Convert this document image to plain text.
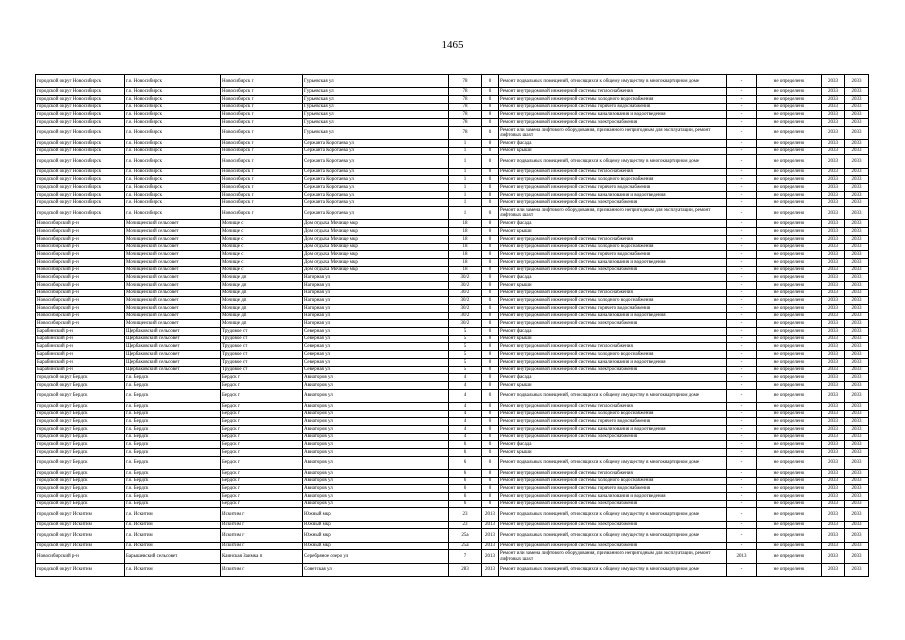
1465
городской округ Новосибирск	г.о. Новосибирск	Новосибирск г	Гурьевская ул	78	0	Ремонт подвальных помещений, относящихся к общему имуществу в многоквартирном доме	-	не определено	2033	2033
городской округ Новосибирск	г.о. Новосибирск	Новосибирск г	Гурьевская ул	78	0	Ремонт внутридомовой инженерной системы теплоснабжения	-	не определено	2033	2033
городской округ Новосибирск	г.о. Новосибирск	Новосибирск г	Гурьевская ул	78	0	Ремонт внутридомовой инженерной системы холодного водоснабжения	-	не определено	2033	2033
городской округ Новосибирск	г.о. Новосибирск	Новосибирск г	Гурьевская ул	78	0	Ремонт внутридомовой инженерной системы горячего водоснабжения	-	не определено	2033	2033
городской округ Новосибирск	г.о. Новосибирск	Новосибирск г	Гурьевская ул	78	0	Ремонт внутридомовой инженерной системы канализования и водоотведения	-	не определено	2033	2033
городской округ Новосибирск	г.о. Новосибирск	Новосибирск г	Гурьевская ул	78	0	Ремонт внутридомовой инженерной системы электроснабжения	-	не определено	2033	2033
городской округ Новосибирск	г.о. Новосибирск	Новосибирск г	Гурьевская ул	78	0	Ремонт или замена лифтового оборудования, признанного непригодным для эксплуатации, ремонт лифтовых шахт	-	не определено	2033	2033
городской округ Новосибирск	г.о. Новосибирск	Новосибирск г	Сержанта Коротаева ул	1	0	Ремонт фасада	-	не определено	2033	2033
городской округ Новосибирск	г.о. Новосибирск	Новосибирск г	Сержанта Коротаева ул	1	0	Ремонт крыши	-	не определено	2033	2033
городской округ Новосибирск	г.о. Новосибирск	Новосибирск г	Сержанта Коротаева ул	1	0	Ремонт подвальных помещений, относящихся к общему имуществу в многоквартирном доме	-	не определено	2033	2033
городской округ Новосибирск	г.о. Новосибирск	Новосибирск г	Сержанта Коротаева ул	1	0	Ремонт внутридомовой инженерной системы теплоснабжения	-	не определено	2033	2033
городской округ Новосибирск	г.о. Новосибирск	Новосибирск г	Сержанта Коротаева ул	1	0	Ремонт внутридомовой инженерной системы холодного водоснабжения	-	не определено	2033	2033
городской округ Новосибирск	г.о. Новосибирск	Новосибирск г	Сержанта Коротаева ул	1	0	Ремонт внутридомовой инженерной системы горячего водоснабжения	-	не определено	2033	2033
городской округ Новосибирск	г.о. Новосибирск	Новосибирск г	Сержанта Коротаева ул	1	0	Ремонт внутридомовой инженерной системы канализования и водоотведения	-	не определено	2033	2033
городской округ Новосибирск	г.о. Новосибирск	Новосибирск г	Сержанта Коротаева ул	1	0	Ремонт внутридомовой инженерной системы электроснабжения	-	не определено	2033	2033
городской округ Новосибирск	г.о. Новосибирск	Новосибирск г	Сержанта Коротаева ул	1	0	Ремонт или замена лифтового оборудования, признанного непригодным для эксплуатации, ремонт лифтовых шахт	-	не определено	2033	2033
Новосибирский р-н	Мочищенский сельсовет	Мочище с	Дом отдыха Мочище мкр	18	0	Ремонт фасада	-	не определено	2033	2033
Новосибирский р-н	Мочищенский сельсовет	Мочище с	Дом отдыха Мочище мкр	18	0	Ремонт крыши	-	не определено	2033	2033
Новосибирский р-н	Мочищенский сельсовет	Мочище с	Дом отдыха Мочище мкр	18	0	Ремонт внутридомовой инженерной системы теплоснабжения	-	не определено	2033	2033
Новосибирский р-н	Мочищенский сельсовет	Мочище с	Дом отдыха Мочище мкр	18	0	Ремонт внутридомовой инженерной системы холодного водоснабжения	-	не определено	2033	2033
Новосибирский р-н	Мочищенский сельсовет	Мочище с	Дом отдыха Мочище мкр	18	0	Ремонт внутридомовой инженерной системы горячего водоснабжения	-	не определено	2033	2033
Новосибирский р-н	Мочищенский сельсовет	Мочище с	Дом отдыха Мочище мкр	18	0	Ремонт внутридомовой инженерной системы канализования и водоотведения	-	не определено	2033	2033
Новосибирский р-н	Мочищенский сельсовет	Мочище с	Дом отдыха Мочище мкр	18	0	Ремонт внутридомовой инженерной системы электроснабжения	-	не определено	2033	2033
Новосибирский р-н	Мочищенский сельсовет	Мочище дп	Нагорная ул	30/2	0	Ремонт фасада	-	не определено	2033	2033
Новосибирский р-н	Мочищенский сельсовет	Мочище дп	Нагорная ул	30/2	0	Ремонт крыши	-	не определено	2033	2033
Новосибирский р-н	Мочищенский сельсовет	Мочище дп	Нагорная ул	30/2	0	Ремонт внутридомовой инженерной системы теплоснабжения	-	не определено	2033	2033
Новосибирский р-н	Мочищенский сельсовет	Мочище дп	Нагорная ул	30/2	0	Ремонт внутридомовой инженерной системы холодного водоснабжения	-	не определено	2033	2033
Новосибирский р-н	Мочищенский сельсовет	Мочище дп	Нагорная ул	30/2	0	Ремонт внутридомовой инженерной системы горячего водоснабжения	-	не определено	2033	2033
Новосибирский р-н	Мочищенский сельсовет	Мочище дп	Нагорная ул	30/2	0	Ремонт внутридомовой инженерной системы канализования и водоотведения	-	не определено	2033	2033
Новосибирский р-н	Мочищенский сельсовет	Мочище дп	Нагорная ул	30/2	0	Ремонт внутридомовой инженерной системы электроснабжения	-	не определено	2033	2033
Барабинский р-н	Щербаковский сельсовет	Трудовое ст	Северная ул	5	0	Ремонт фасада	-	не определено	2033	2033
Барабинский р-н	Щербаковский сельсовет	Трудовое ст	Северная ул	5	0	Ремонт крыши	-	не определено	2033	2033
Барабинский р-н	Щербаковский сельсовет	Трудовое ст	Северная ул	5	0	Ремонт внутридомовой инженерной системы теплоснабжения	-	не определено	2033	2033
Барабинский р-н	Щербаковский сельсовет	Трудовое ст	Северная ул	5	0	Ремонт внутридомовой инженерной системы холодного водоснабжения	-	не определено	2033	2033
Барабинский р-н	Щербаковский сельсовет	Трудовое ст	Северная ул	5	0	Ремонт внутридомовой инженерной системы канализования и водоотведения	-	не определено	2033	2033
Барабинский р-н	Щербаковский сельсовет	Трудовое ст	Северная ул	5	0	Ремонт внутридомовой инженерной системы электроснабжения	-	не определено	2033	2033
городской округ Бердск	г.о. Бердск	Бердск г	Авиаторов ул	4	0	Ремонт фасада	-	не определено	2033	2033
городской округ Бердск	г.о. Бердск	Бердск г	Авиаторов ул	4	0	Ремонт крыши	-	не определено	2033	2033
городской округ Бердск	г.о. Бердск	Бердск г	Авиаторов ул	4	0	Ремонт подвальных помещений, относящихся к общему имуществу в многоквартирном доме	-	не определено	2033	2033
городской округ Бердск	г.о. Бердск	Бердск г	Авиаторов ул	4	0	Ремонт внутридомовой инженерной системы теплоснабжения	-	не определено	2033	2033
городской округ Бердск	г.о. Бердск	Бердск г	Авиаторов ул	4	0	Ремонт внутридомовой инженерной системы холодного водоснабжения	-	не определено	2033	2033
городской округ Бердск	г.о. Бердск	Бердск г	Авиаторов ул	4	0	Ремонт внутридомовой инженерной системы горячего водоснабжения	-	не определено	2033	2033
городской округ Бердск	г.о. Бердск	Бердск г	Авиаторов ул	4	0	Ремонт внутридомовой инженерной системы канализования и водоотведения	-	не определено	2033	2033
городской округ Бердск	г.о. Бердск	Бердск г	Авиаторов ул	4	0	Ремонт внутридомовой инженерной системы электроснабжения	-	не определено	2033	2033
городской округ Бердск	г.о. Бердск	Бердск г	Авиаторов ул	6	0	Ремонт фасада	-	не определено	2033	2033
городской округ Бердск	г.о. Бердск	Бердск г	Авиаторов ул	6	0	Ремонт крыши	-	не определено	2033	2033
городской округ Бердск	г.о. Бердск	Бердск г	Авиаторов ул	6	0	Ремонт подвальных помещений, относящихся к общему имуществу в многоквартирном доме	-	не определено	2033	2033
городской округ Бердск	г.о. Бердск	Бердск г	Авиаторов ул	6	0	Ремонт внутридомовой инженерной системы теплоснабжения	-	не определено	2033	2033
городской округ Бердск	г.о. Бердск	Бердск г	Авиаторов ул	6	0	Ремонт внутридомовой инженерной системы холодного водоснабжения	-	не определено	2033	2033
городской округ Бердск	г.о. Бердск	Бердск г	Авиаторов ул	6	0	Ремонт внутридомовой инженерной системы горячего водоснабжения	-	не определено	2033	2033
городской округ Бердск	г.о. Бердск	Бердск г	Авиаторов ул	6	0	Ремонт внутридомовой инженерной системы канализования и водоотведения	-	не определено	2033	2033
городской округ Бердск	г.о. Бердск	Бердск г	Авиаторов ул	6	0	Ремонт внутридомовой инженерной системы электроснабжения	-	не определено	2033	2033
городской округ Искитим	г.о. Искитим	Искитим г	Южный мкр	23	2013	Ремонт подвальных помещений, относящихся к общему имуществу в многоквартирном доме	-	не определено	2033	2033
городской округ Искитим	г.о. Искитим	Искитим г	Южный мкр	23	2013	Ремонт внутридомовой инженерной системы электроснабжения	-	не определено	2033	2033
городской округ Искитим	г.о. Искитим	Искитим г	Южный мкр	25а	2013	Ремонт подвальных помещений, относящихся к общему имуществу в многоквартирном доме	-	не определено	2033	2033
городской округ Искитим	г.о. Искитим	Искитим г	Южный мкр	25а	2013	Ремонт внутридомовой инженерной системы электроснабжения	-	не определено	2033	2033
Новосибирский р-н	Барышевский сельсовет	Каинская Заимка п	Серебряное озеро ул	7	2013	Ремонт или замена лифтового оборудования, признанного непригодным для эксплуатации, ремонт лифтовых шахт	2013	не определено	2033	2033
городской округ Искитим	г.о. Искитим	Искитим г	Советская ул	283	2013	Ремонт подвальных помещений, относящихся к общему имуществу в многоквартирном доме	-	не определено	2033	2033
